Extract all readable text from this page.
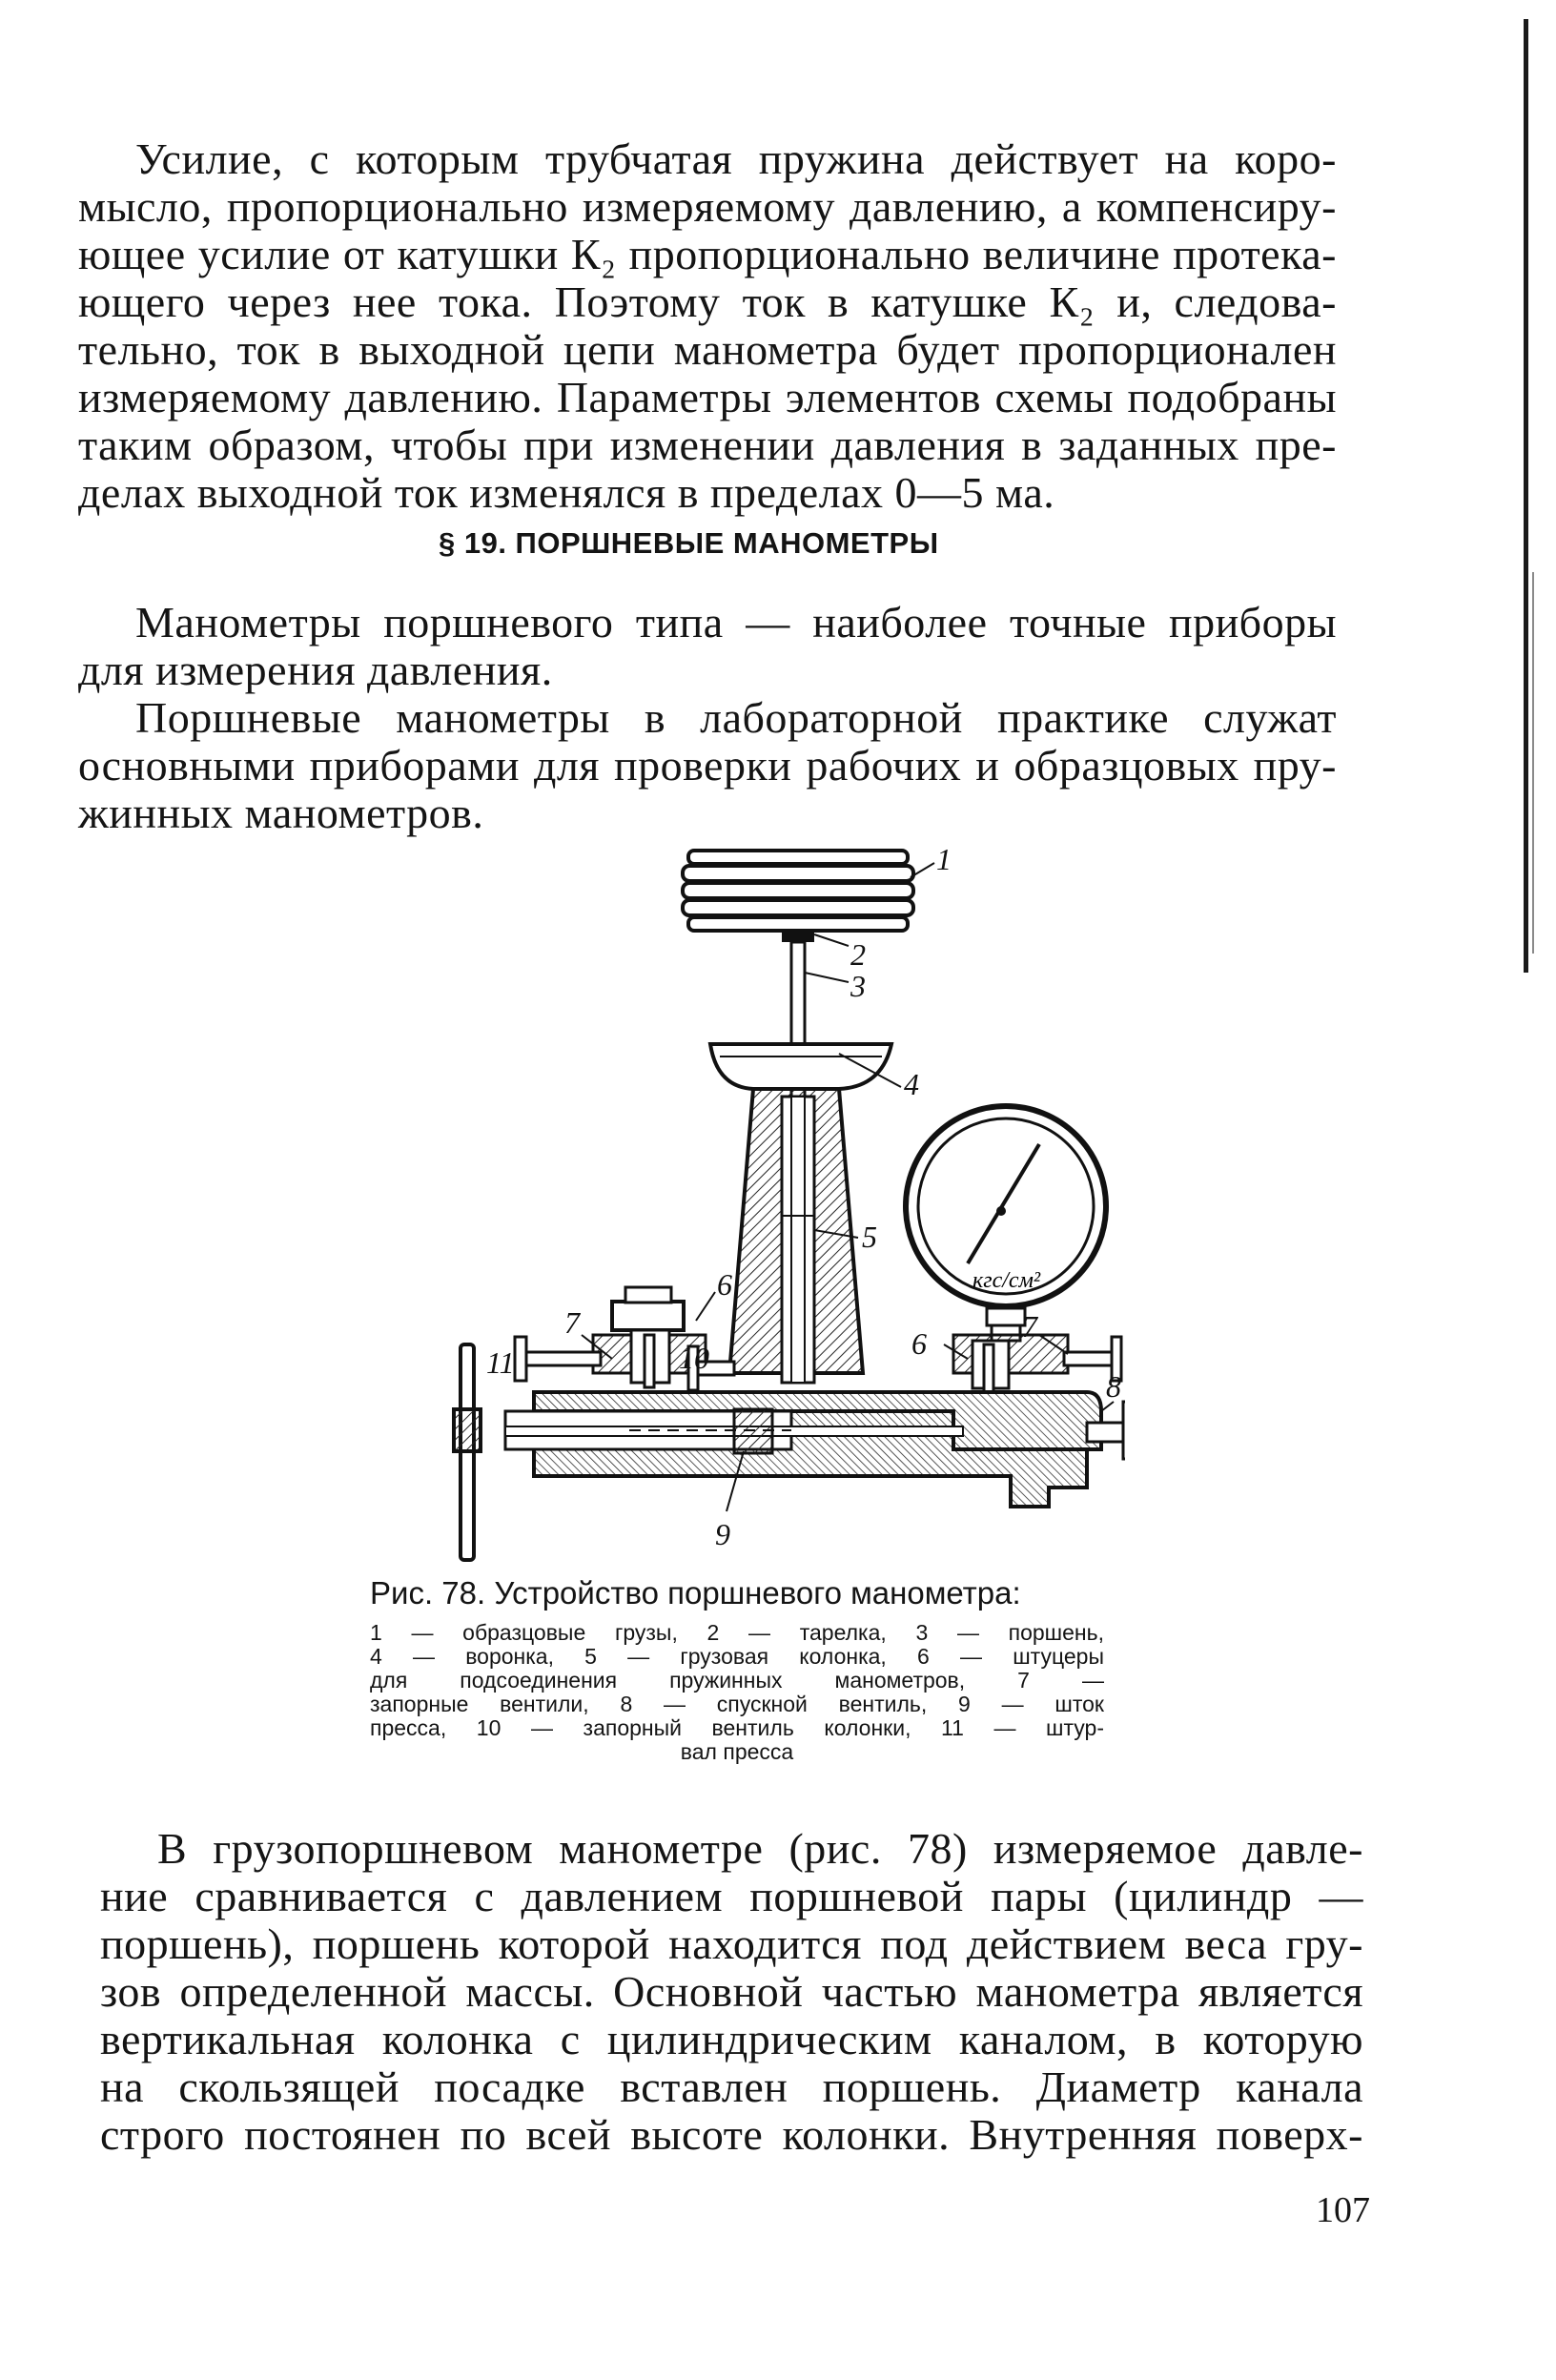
Усилие, с которым трубчатая пружина действует на коро-
мысло, пропорционально измеряемому давлению, а компенсиру-
ющее усилие от катушки К₂ пропорционально величине протека-
ющего через нее тока. Поэтому ток в катушке К₂ и, следова-
тельно, ток в выходной цепи манометра будет пропорционален
измеряемому давлению. Параметры элементов схемы подобраны
таким образом, чтобы при изменении давления в заданных пре-
делах выходной ток изменялся в пределах 0—5 ма.
§ 19. ПОРШНЕВЫЕ МАНОМЕТРЫ
Манометры поршневого типа — наиболее точные приборы
для измерения давления.
Поршневые манометры в лабораторной практике служат
основными приборами для проверки рабочих и образцовых пру-
жинных манометров.
кгс/см²
1
2
3
4
5
6
6
7	7
8
9
10
11
Рис. 78. Устройство поршневого манометра:
1 — образцовые грузы, 2 — тарелка, 3 — поршень,
4 — воронка, 5 — грузовая колонка, 6 — штуцеры
для подсоединения пружинных манометров, 7 —
запорные вентили, 8 — спускной вентиль, 9 — шток
пресса, 10 — запорный вентиль колонки, 11 — штур-
вал пресса
В грузопоршневом манометре (рис. 78) измеряемое давле-
ние сравнивается с давлением поршневой пары (цилиндр —
поршень), поршень которой находится под действием веса гру-
зов определенной массы. Основной частью манометра является
вертикальная колонка с цилиндрическим каналом, в которую
на скользящей посадке вставлен поршень. Диаметр канала
строго постоянен по всей высоте колонки. Внутренняя поверх-
107
